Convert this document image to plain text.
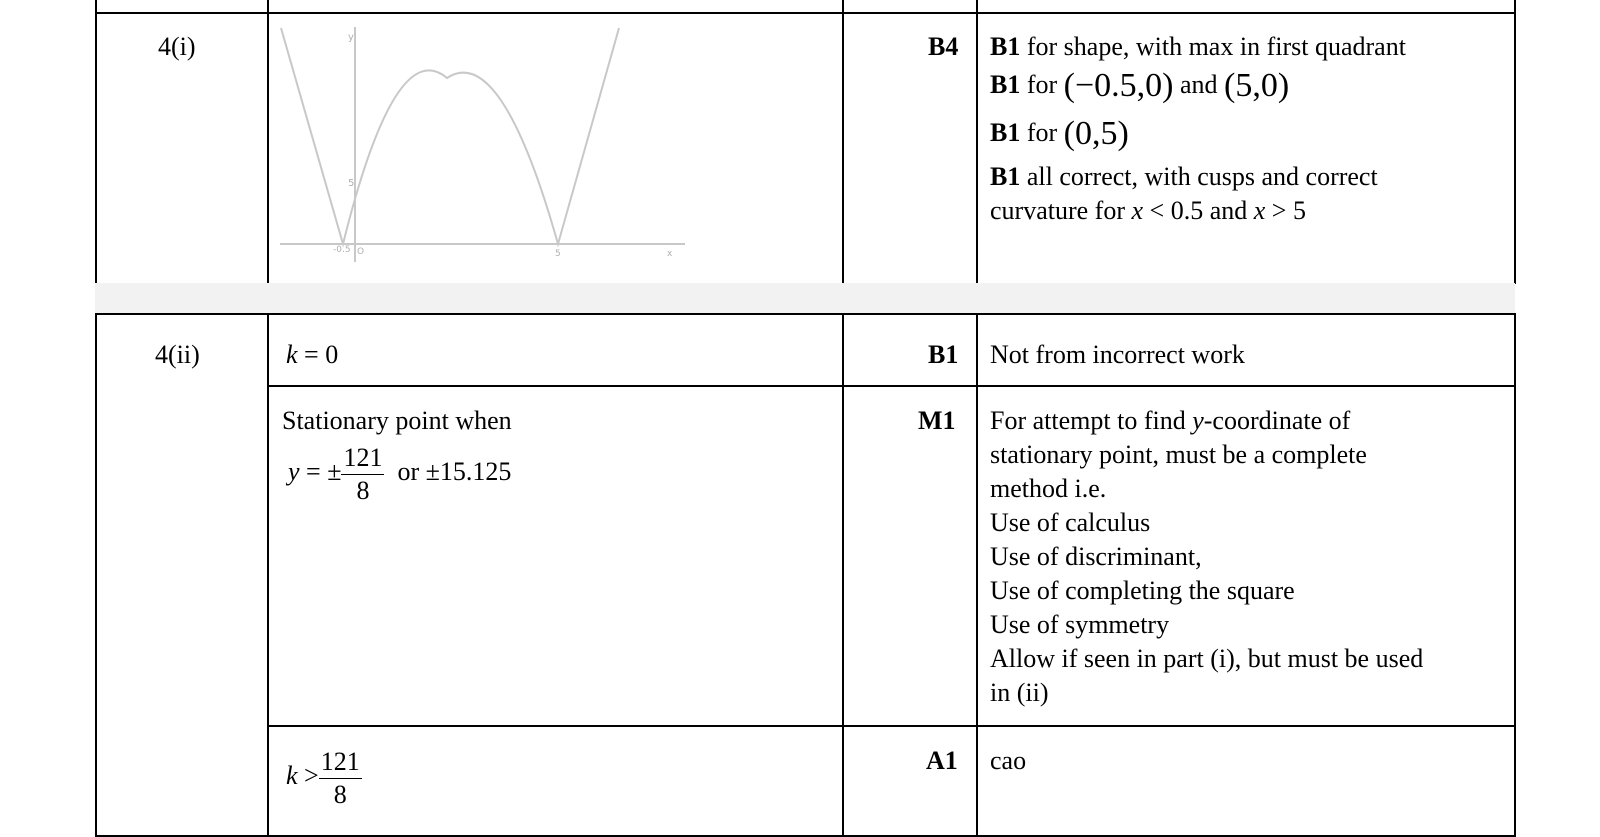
4(i)	y
5
-0.5 O	5	x
B4 B1 for shape, with max in first quadrant
B1 for (−0.5,0) and (5,0)
B1 for (0,5)
B1 all correct, with cusps and correct
curvature for x < 0.5 and x > 5
4(ii)	k = 0	B1 Not from incorrect work
Stationary point when
y = ± $\frac{121}{8}$ or ±15.125
M1 For attempt to find y-coordinate of
stationary point, must be a complete
method i.e.
Use of calculus
Use of discriminant,
Use of completing the square
Use of symmetry
Allow if seen in part (i), but must be used
in (ii)
$k > \frac{121}{8}$	A1 cao
